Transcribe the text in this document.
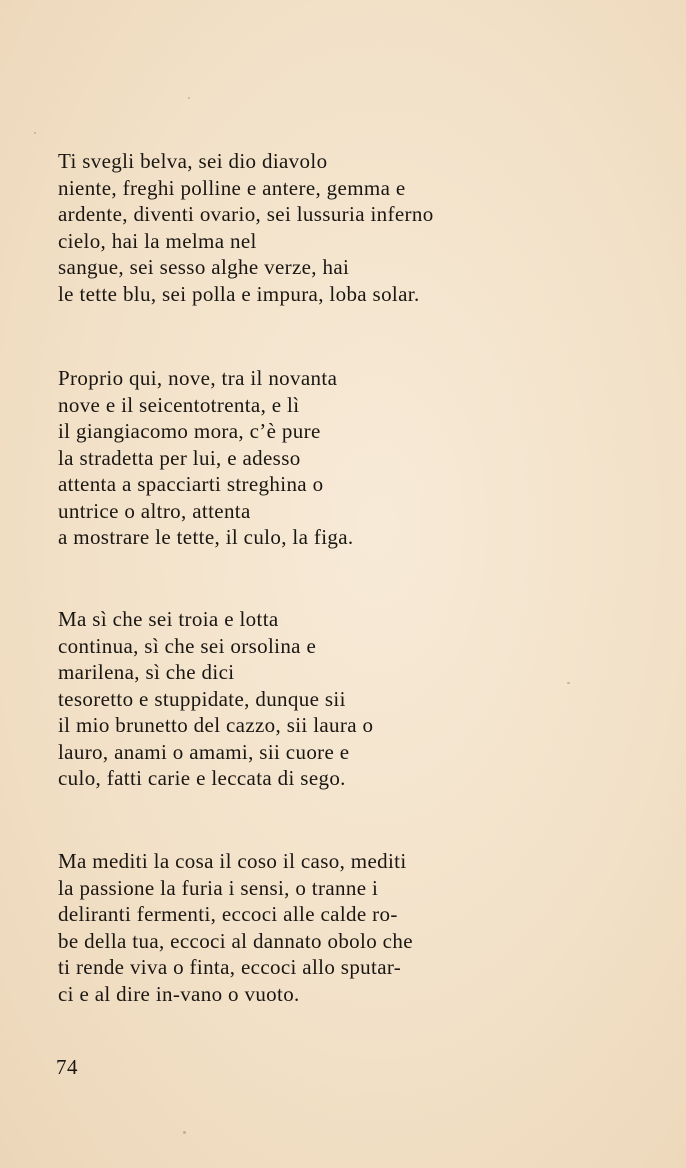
Ti svegli belva, sei dio diavolo
niente, freghi polline e antere, gemma e
ardente, diventi ovario, sei lussuria inferno
cielo, hai la melma nel
sangue, sei sesso alghe verze, hai
le tette blu, sei polla e impura, loba solar.
Proprio qui, nove, tra il novanta
nove e il seicentotrenta, e lì
il giangiacomo mora, c’è pure
la stradetta per lui, e adesso
attenta a spacciarti streghina o
untrice o altro, attenta
a mostrare le tette, il culo, la figa.
Ma sì che sei troia e lotta
continua, sì che sei orsolina e
marilena, sì che dici
tesoretto e stuppidate, dunque sii
il mio brunetto del cazzo, sii laura o
lauro, anami o amami, sii cuore e
culo, fatti carie e leccata di sego.
Ma mediti la cosa il coso il caso, mediti
la passione la furia i sensi, o tranne i
deliranti fermenti, eccoci alle calde ro-
be della tua, eccoci al dannato obolo che
ti rende viva o finta, eccoci allo sputar-
ci e al dire in-vano o vuoto.
74
